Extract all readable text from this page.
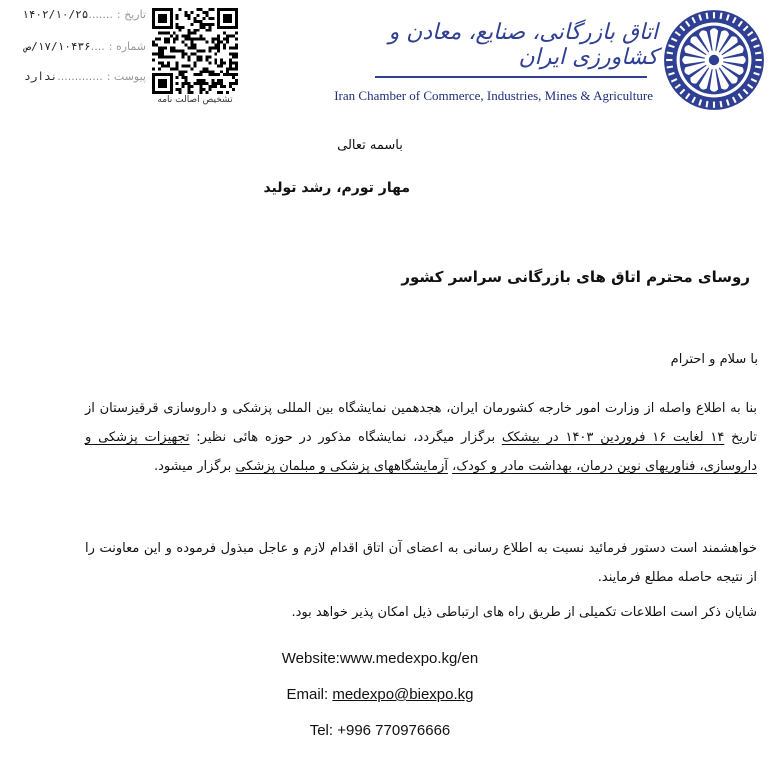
تاریخ :.......۱۴۰۲/۱۰/۲۵
شماره :....۱۷/۱۰۴۳۶/ص
پیوست :.............ندارد
تشخیص اصالت نامه
اتاق بازرگانی، صنایع، معادن و کشاورزی ایران
Iran Chamber of Commerce, Industries, Mines & Agriculture
باسمه تعالی
مهار تورم، رشد تولید
روسای محترم اتاق های بازرگانی سراسر کشور
با سلام و احترام
بنا به اطلاع واصله از وزارت امور خارجه کشورمان ایران، هجدهمین نمایشگاه بین المللی پزشکی و داروسازی قرقیزستان از تاریخ ۱۴ لغایت ۱۶ فروردین ۱۴۰۳ در بیشکک برگزار میگردد، نمایشگاه مذکور در حوزه هائی نظیر: تجهیزات پزشکی و داروسازی، فناوریهای نوین درمان، بهداشت مادر و کودک، آزمایشگاههای پزشکی و مبلمان پزشکی برگزار میشود.
خواهشمند است دستور فرمائید نسبت به اطلاع رسانی به اعضای آن اتاق اقدام لازم و عاجل مبذول فرموده و این معاونت را از نتیجه حاصله مطلع فرمایند.
شایان ذکر است اطلاعات تکمیلی از طریق راه های ارتباطی ذیل امکان پذیر خواهد بود.
Website:www.medexpo.kg/en
Email: medexpo@biexpo.kg
Tel: +996 770976666
